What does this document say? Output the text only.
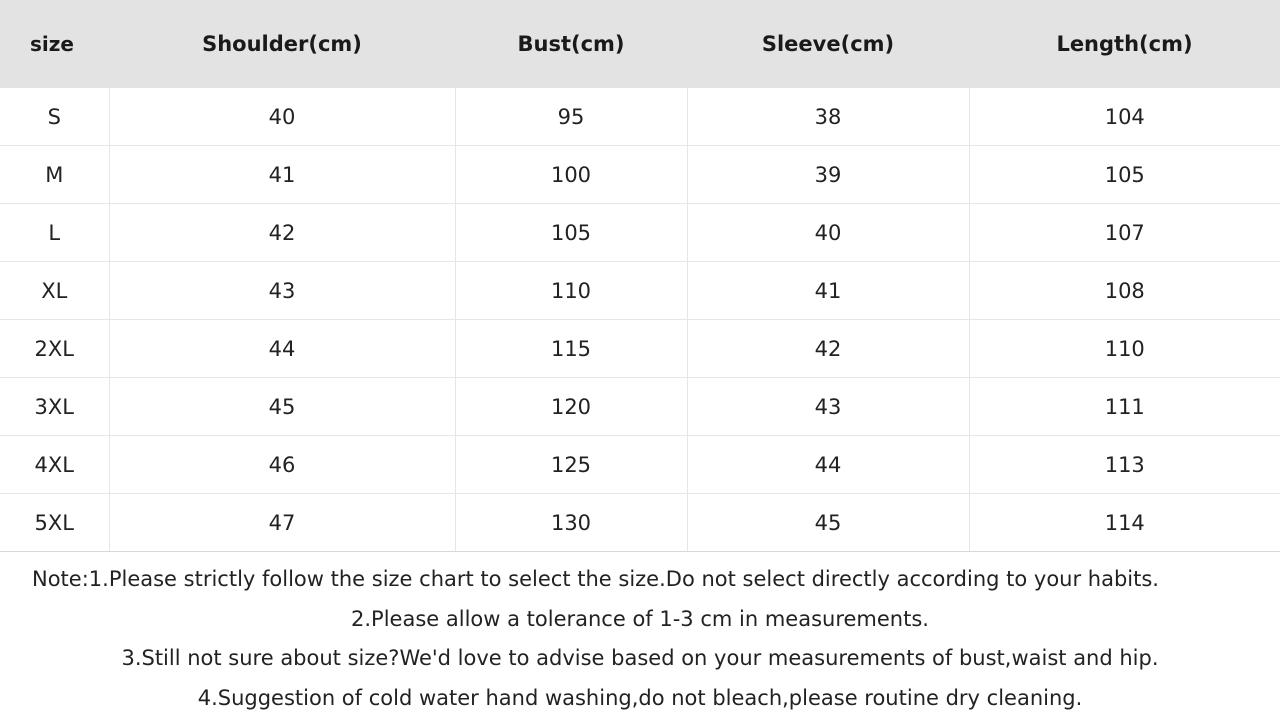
size	Shoulder(cm)	Bust(cm)	Sleeve(cm)	Length(cm)
S	40	95	38	104
M	41	100	39	105
L	42	105	40	107
XL	43	110	41	108
2XL	44	115	42	110
3XL	45	120	43	111
4XL	46	125	44	113
5XL	47	130	45	114

Note:1.Please strictly follow the size chart to select the size.Do not select directly according to your habits.

2.Please allow a tolerance of 1-3 cm in measurements.

3.Still not sure about size?We'd love to advise based on your measurements of bust,waist and hip.

4.Suggestion of cold water hand washing,do not bleach,please routine dry cleaning.
